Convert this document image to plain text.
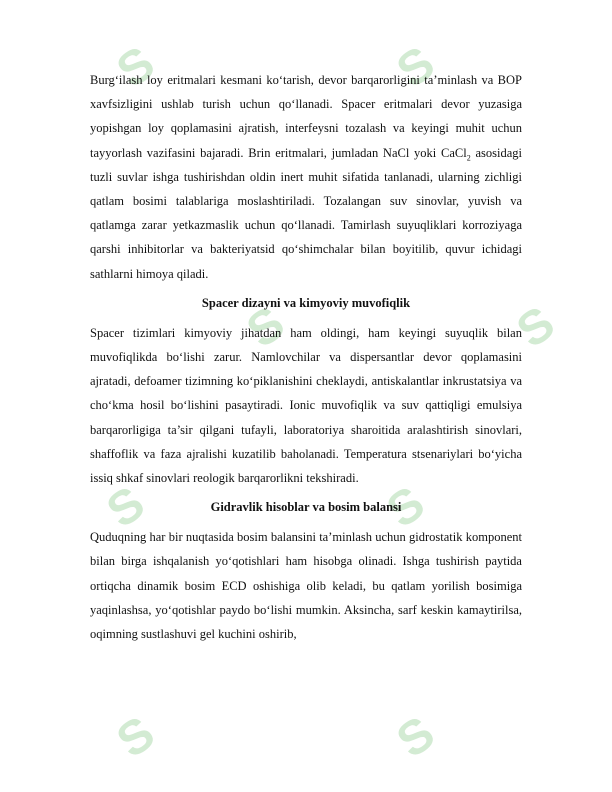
S	S
S	S
S	S
S	S

Burg‘ilash loy eritmalari kesmani ko‘tarish, devor barqarorligini ta’minlash va BOP xavfsizligini ushlab turish uchun qo‘llanadi. Spacer eritmalari devor yuzasiga yopishgan loy qoplamasini ajratish, interfeysni tozalash va keyingi muhit uchun tayyorlash vazifasini bajaradi. Brin eritmalari, jumladan NaCl yoki CaCl$_2$ asosidagi tuzli suvlar ishga tushirishdan oldin inert muhit sifatida tanlanadi, ularning zichligi qatlam bosimi talablariga moslashtiriladi. Tozalangan suv sinovlar, yuvish va qatlamga zarar yetkazmaslik uchun qo‘llanadi. Tamirlash suyuqliklari korroziyaga qarshi inhibitorlar va bakteriyatsid qo‘shimchalar bilan boyitilib, quvur ichidagi sathlarni himoya qiladi.

Spacer dizayni va kimyoviy muvofiqlik

Spacer tizimlari kimyoviy jihatdan ham oldingi, ham keyingi suyuqlik bilan muvofiqlikda bo‘lishi zarur. Namlovchilar va dispersantlar devor qoplamasini ajratadi, defoamer tizimning ko‘piklanishini cheklaydi, antiskalantlar inkrustatsiya va cho‘kma hosil bo‘lishini pasaytiradi. Ionic muvofiqlik va suv qattiqligi emulsiya barqarorligiga ta’sir qilgani tufayli, laboratoriya sharoitida aralashtirish sinovlari, shaffoflik va faza ajralishi kuzatilib baholanadi. Temperatura stsenariylari bo‘yicha issiq shkaf sinovlari reologik barqarorlikni tekshiradi.

Gidravlik hisoblar va bosim balansi

Quduqning har bir nuqtasida bosim balansini ta’minlash uchun gidrostatik komponent bilan birga ishqalanish yo‘qotishlari ham hisobga olinadi. Ishga tushirish paytida ortiqcha dinamik bosim ECD oshishiga olib keladi, bu qatlam yorilish bosimiga yaqinlashsa, yo‘qotishlar paydo bo‘lishi mumkin. Aksincha, sarf keskin kamaytirilsa, oqimning sustlashuvi gel kuchini oshirib,
